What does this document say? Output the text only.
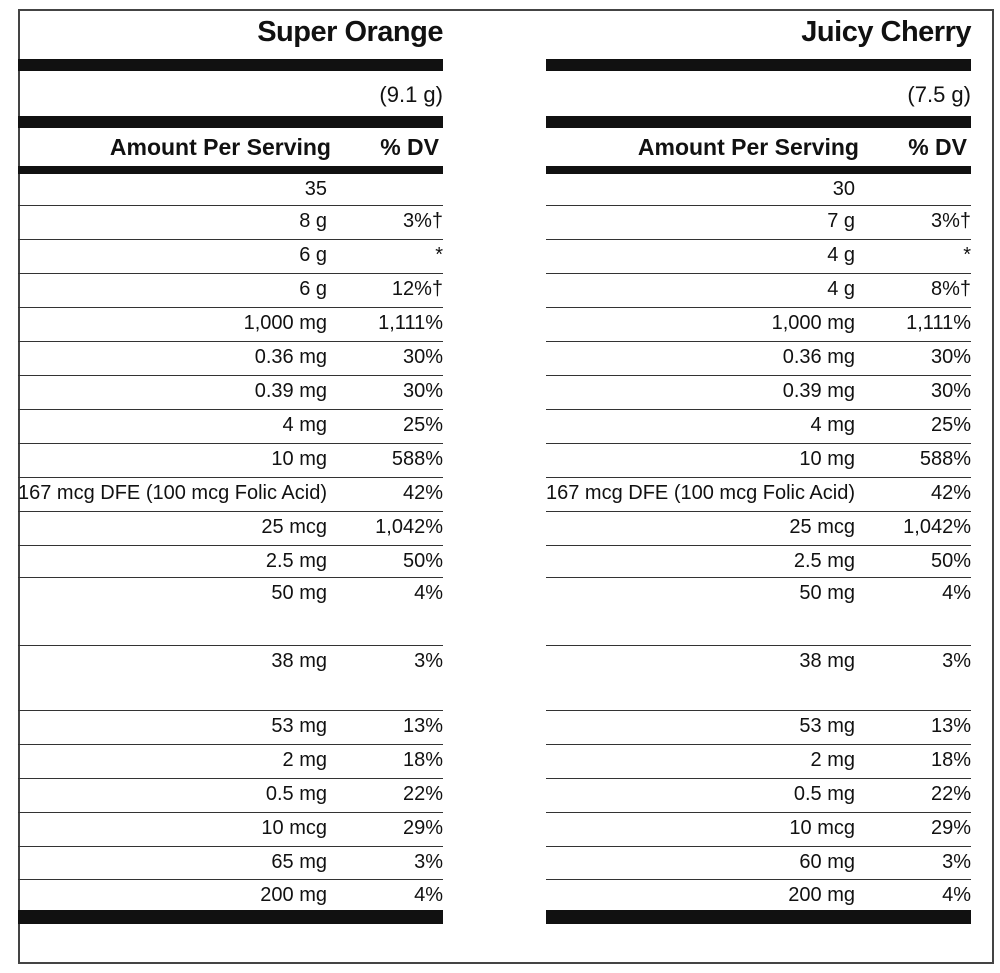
Super Orange
(9.1 g)
Amount Per Serving % DV
35
8 g	3%†
6 g	*
6 g	12%†
1,000 mg	1,111%
0.36 mg	30%
0.39 mg	30%
4 mg	25%
10 mg	588%
167 mcg DFE (100 mcg Folic Acid)	42%
25 mcg 1,042%
2.5 mg	50%
50 mg	4%
38 mg	3%
53 mg	13%
2 mg	18%
0.5 mg	22%
10 mcg	29%
65 mg	3%
200 mg	4%
Juicy Cherry
(7.5 g)
Amount Per Serving % DV
30
7 g	3%†
4 g	*
4 g	8%†
1,000 mg	1,111%
0.36 mg	30%
0.39 mg	30%
4 mg	25%
10 mg	588%
167 mcg DFE (100 mcg Folic Acid)	42%
25 mcg 1,042%
2.5 mg	50%
50 mg	4%
38 mg	3%
53 mg	13%
2 mg	18%
0.5 mg	22%
10 mcg	29%
60 mg	3%
200 mg	4%
